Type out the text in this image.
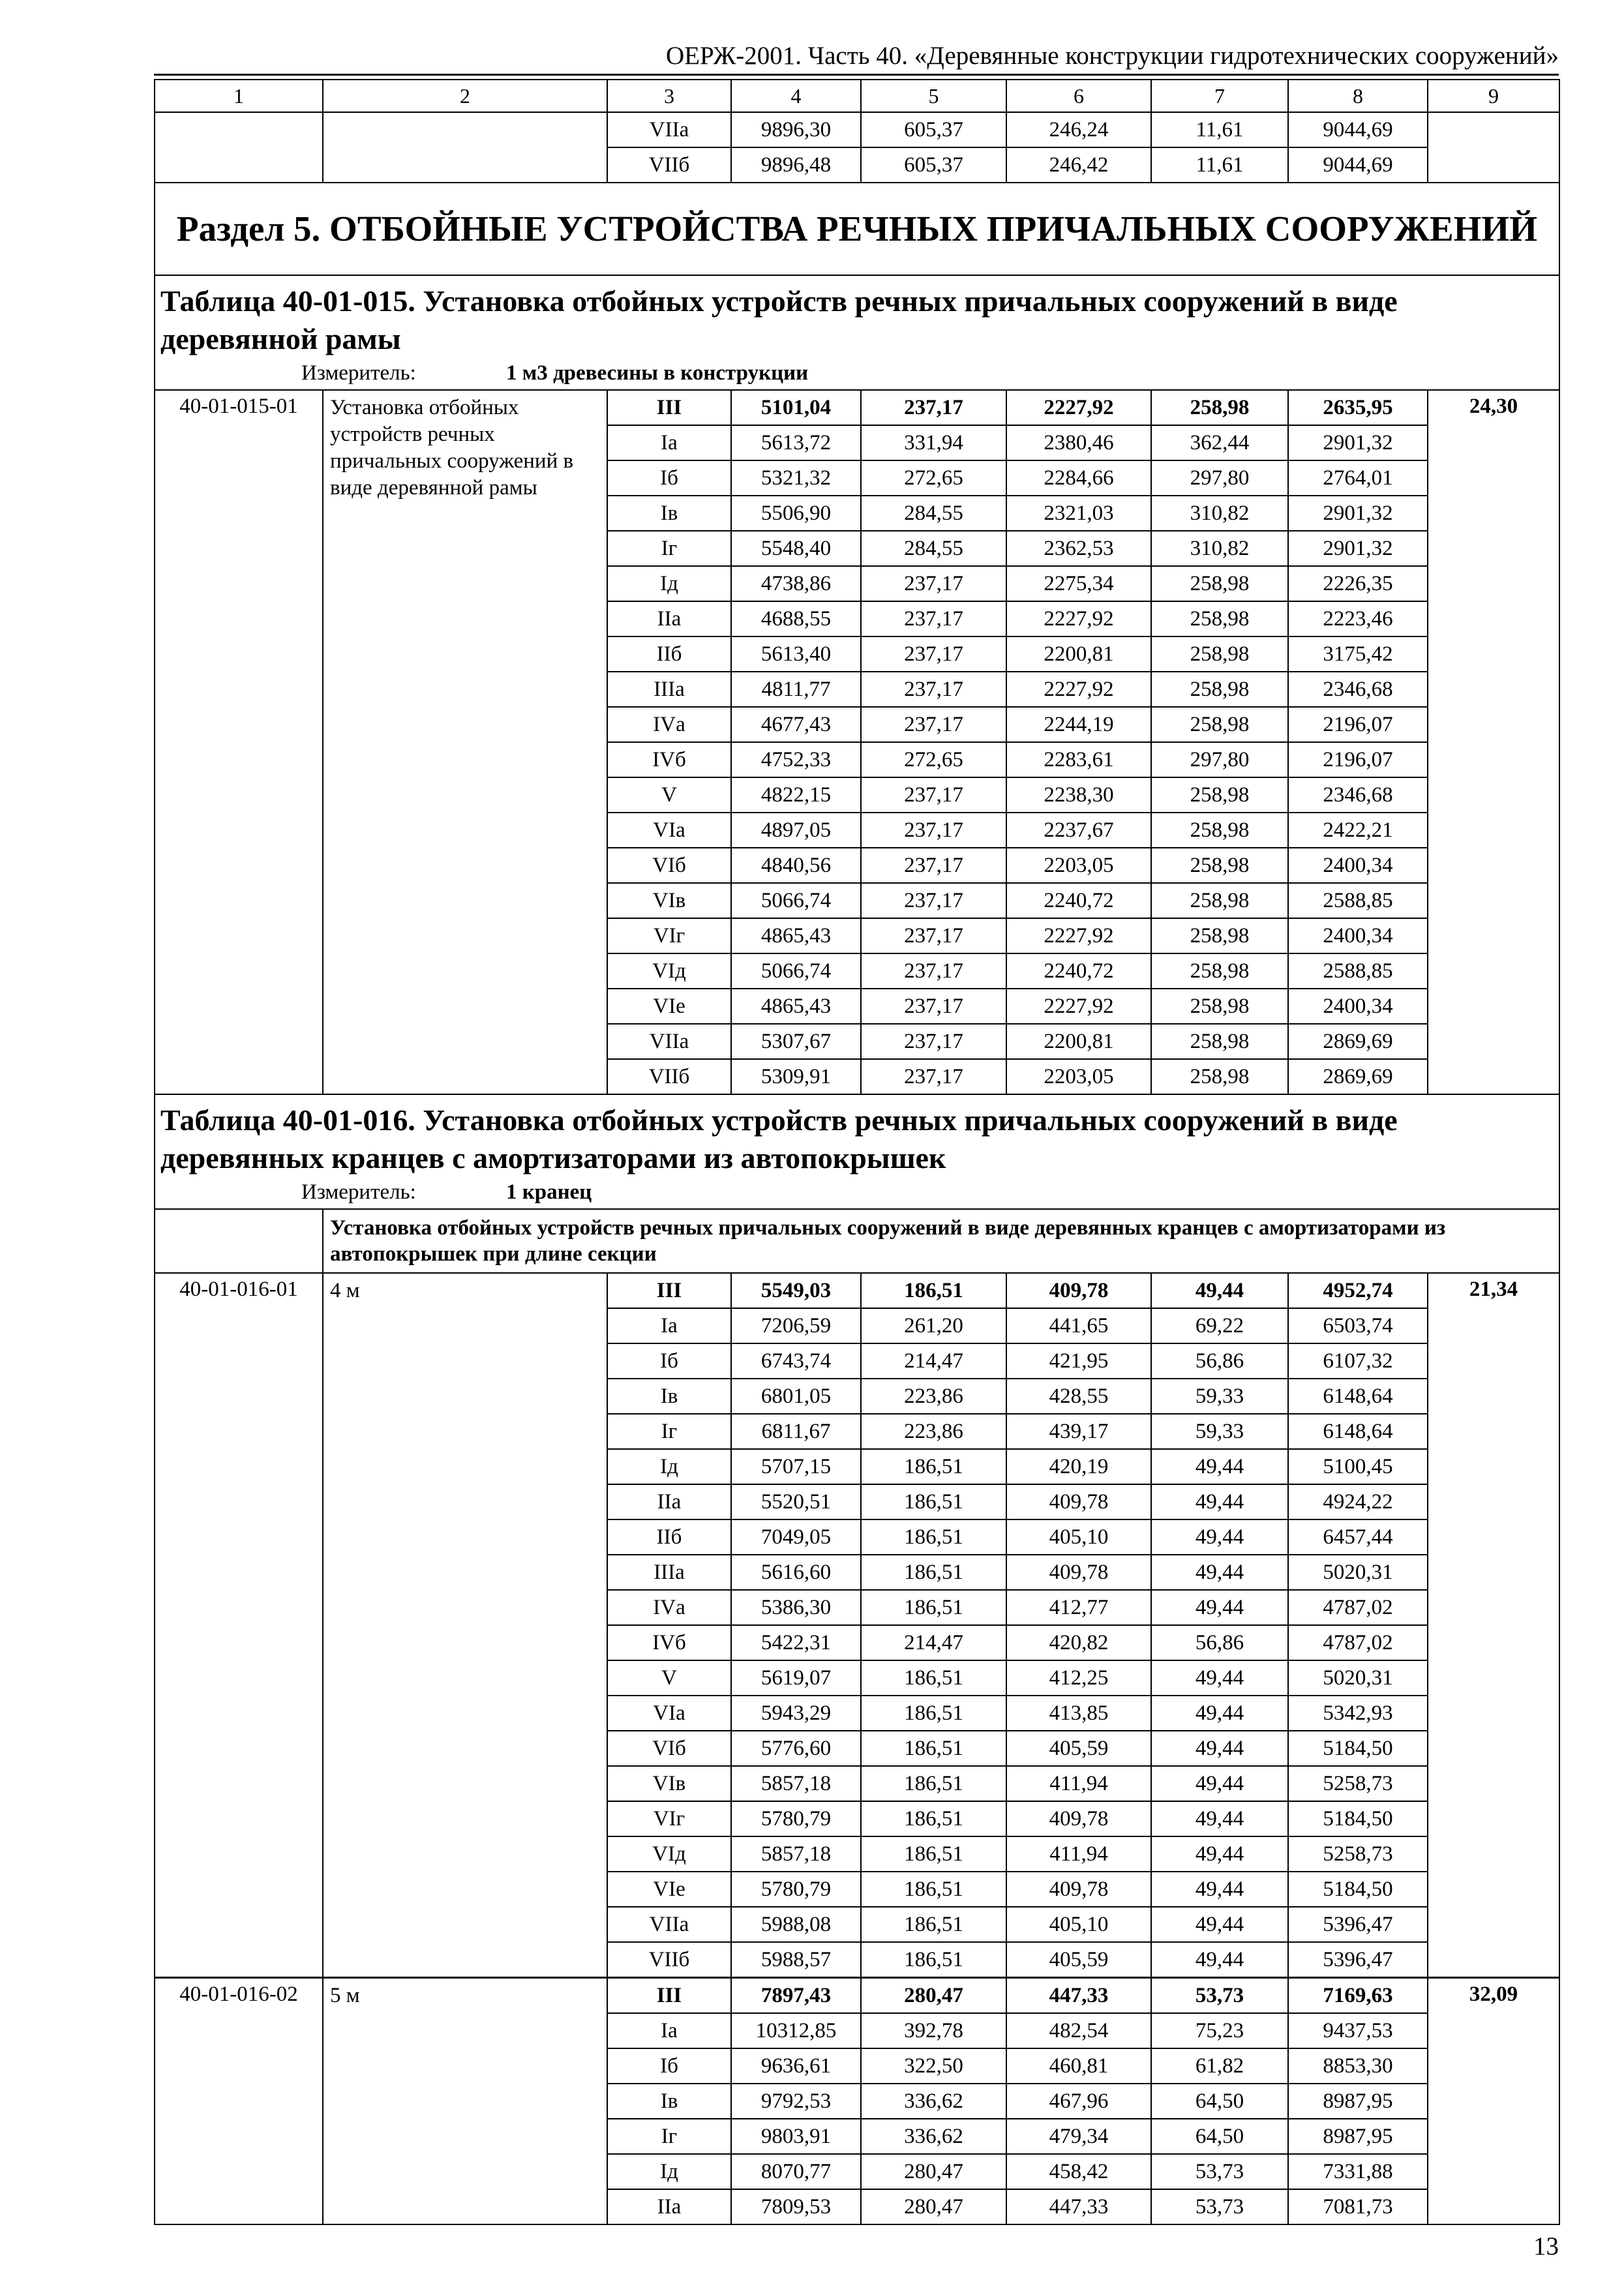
ОЕРЖ-2001. Часть 40. «Деревянные конструкции гидротехнических сооружений»
1	2	3	4	5	6	7	8	9
		VIIа	9896,30	605,37	246,24	11,61	9044,69	
		VIIб	9896,48	605,37	246,42	11,61	9044,69	
Раздел 5. ОТБОЙНЫЕ УСТРОЙСТВА РЕЧНЫХ ПРИЧАЛЬНЫХ СООРУЖЕНИЙ								

Таблица 40-01-015. Установка отбойных устройств речных причальных сооружений в виде деревянной рамы
Измеритель: 1 м3 древесины в конструкции								

40-01-015-01	Установка отбойных устройств речных причальных сооружений в виде деревянной рамы	III	5101,04	237,17	2227,92	258,98	2635,95	24,30
		Iа	5613,72	331,94	2380,46	362,44	2901,32	
		Iб	5321,32	272,65	2284,66	297,80	2764,01	
		Iв	5506,90	284,55	2321,03	310,82	2901,32	
		Iг	5548,40	284,55	2362,53	310,82	2901,32	
		Iд	4738,86	237,17	2275,34	258,98	2226,35	
		IIа	4688,55	237,17	2227,92	258,98	2223,46	
		IIб	5613,40	237,17	2200,81	258,98	3175,42	
		IIIа	4811,77	237,17	2227,92	258,98	2346,68	
		IVа	4677,43	237,17	2244,19	258,98	2196,07	
		IVб	4752,33	272,65	2283,61	297,80	2196,07	
		V	4822,15	237,17	2238,30	258,98	2346,68	
		VIа	4897,05	237,17	2237,67	258,98	2422,21	
		VIб	4840,56	237,17	2203,05	258,98	2400,34	
		VIв	5066,74	237,17	2240,72	258,98	2588,85	
		VIг	4865,43	237,17	2227,92	258,98	2400,34	
		VIд	5066,74	237,17	2240,72	258,98	2588,85	
		VIе	4865,43	237,17	2227,92	258,98	2400,34	
		VIIа	5307,67	237,17	2200,81	258,98	2869,69	
		VIIб	5309,91	237,17	2203,05	258,98	2869,69	

Таблица 40-01-016. Установка отбойных устройств речных причальных сооружений в виде деревянных кранцев с амортизаторами из автопокрышек
Измеритель: 1 кранец								

	Установка отбойных устройств речных причальных сооружений в виде деревянных кранцев с амортизаторами из автопокрышек при длине секции							
40-01-016-01	4 м	III	5549,03	186,51	409,78	49,44	4952,74	21,34
		Iа	7206,59	261,20	441,65	69,22	6503,74	
		Iб	6743,74	214,47	421,95	56,86	6107,32	
		Iв	6801,05	223,86	428,55	59,33	6148,64	
		Iг	6811,67	223,86	439,17	59,33	6148,64	
		Iд	5707,15	186,51	420,19	49,44	5100,45	
		IIа	5520,51	186,51	409,78	49,44	4924,22	
		IIб	7049,05	186,51	405,10	49,44	6457,44	
		IIIа	5616,60	186,51	409,78	49,44	5020,31	
		IVа	5386,30	186,51	412,77	49,44	4787,02	
		IVб	5422,31	214,47	420,82	56,86	4787,02	
		V	5619,07	186,51	412,25	49,44	5020,31	
		VIа	5943,29	186,51	413,85	49,44	5342,93	
		VIб	5776,60	186,51	405,59	49,44	5184,50	
		VIв	5857,18	186,51	411,94	49,44	5258,73	
		VIг	5780,79	186,51	409,78	49,44	5184,50	
		VIд	5857,18	186,51	411,94	49,44	5258,73	
		VIе	5780,79	186,51	409,78	49,44	5184,50	
		VIIа	5988,08	186,51	405,10	49,44	5396,47	
		VIIб	5988,57	186,51	405,59	49,44	5396,47	
40-01-016-02	5 м	III	7897,43	280,47	447,33	53,73	7169,63	32,09
		Iа	10312,85	392,78	482,54	75,23	9437,53	
		Iб	9636,61	322,50	460,81	61,82	8853,30	
		Iв	9792,53	336,62	467,96	64,50	8987,95	
		Iг	9803,91	336,62	479,34	64,50	8987,95	
		Iд	8070,77	280,47	458,42	53,73	7331,88	
		IIа	7809,53	280,47	447,33	53,73	7081,73	
13
